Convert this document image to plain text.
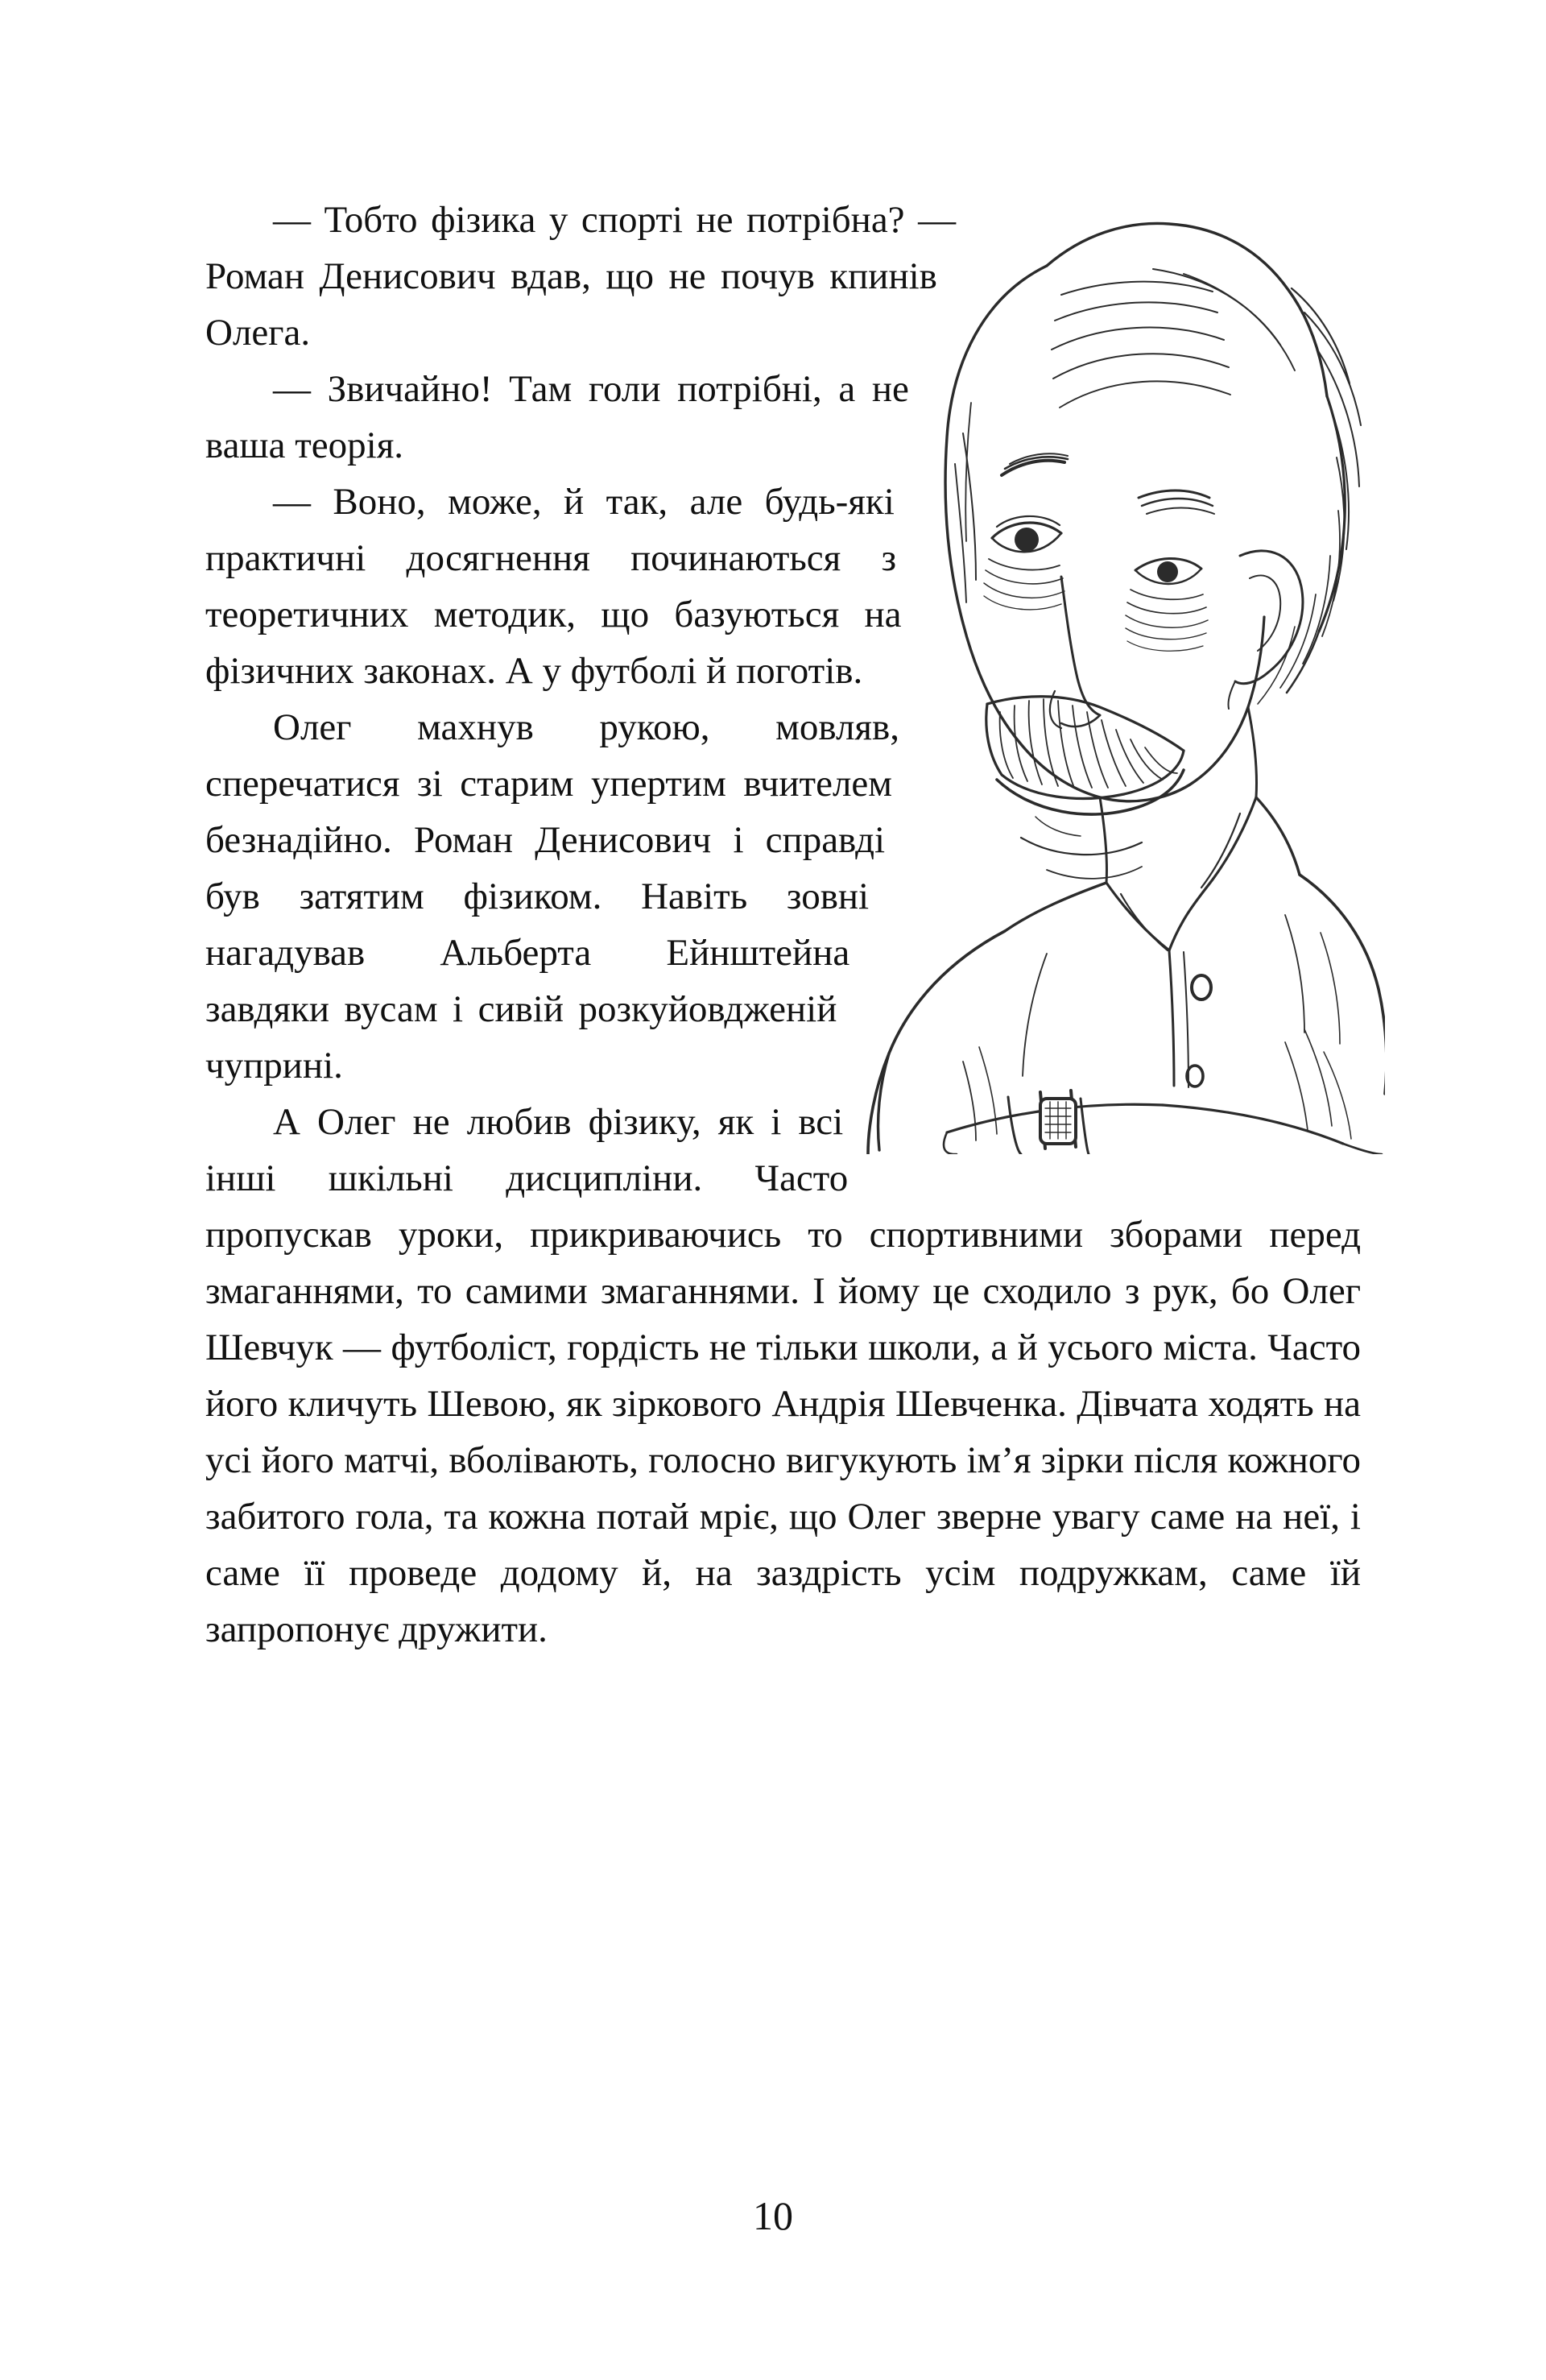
— Тобто фізика у спорті не потрібна? — Роман Денисович вдав, що не почув кпинів Олега.

— Звичайно! Там голи потрібні, а не ваша теорія.

— Воно, може, й так, але будь-які практичні досягнення починаються з теоретичних методик, що базуються на фізичних законах. А у футболі й поготів.

Олег махнув рукою, мовляв, сперечатися зі старим упертим вчителем безнадійно. Роман Денисович і справді був затятим фізиком. Навіть зовні нагадував Альберта Ейнштейна завдяки вусам і сивій розкуйовдженій чуприні.

А Олег не любив фізику, як і всі інші шкільні дисципліни. Часто пропускав уроки, прикриваючись то спортивними зборами перед змаганнями, то самими змаганнями. І йому це сходило з рук, бо Олег Шевчук — футболіст, гордість не тільки школи, а й усього міста. Часто його кличуть Шевою, як зіркового Андрія Шевченка. Дівчата ходять на усі його матчі, вболівають, голосно вигукують ім’я зірки після кожного забитого гола, та кожна потай мріє, що Олег зверне увагу саме на неї, і саме її проведе додому й, на заздрість усім подружкам, саме їй запропонує дружити.

10
